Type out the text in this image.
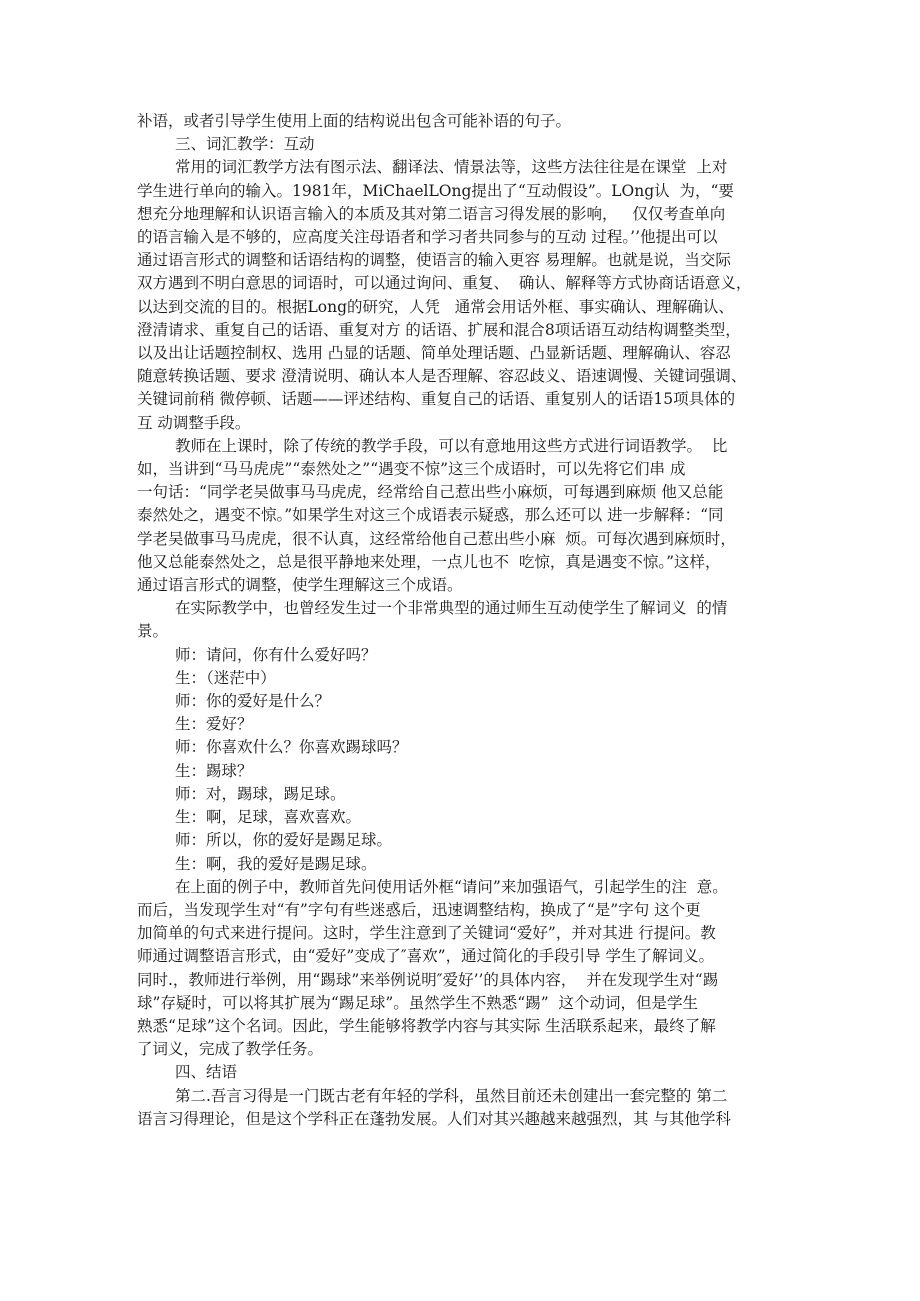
补语，或者引导学生使用上面的结构说出包含可能补语的句子。

三、词汇教学：互动

常用的词汇教学方法有图示法、翻译法、情景法等，这些方法往往是在课堂  上对

学生进行单向的输入。1981年，MiChaelLOng提出了“互动假设”。LOng认  为，“要

想充分地理解和认识语言输入的本质及其对第二语言习得发展的影响，   仅仅考查单向

的语言输入是不够的，应高度关注母语者和学习者共同参与的互动 过程。’’他提出可以

通过语言形式的调整和话语结构的调整，使语言的输入更容 易理解。也就是说，当交际

双方遇到不明白意思的词语时，可以通过询问、重复、  确认、解释等方式协商话语意义，

以达到交流的目的。根据Long的研究，人凭   通常会用话外框、事实确认、理解确认、

澄清请求、重复自己的话语、重复对方 的话语、扩展和混合8项话语互动结构调整类型，

以及出让话题控制权、选用 凸显的话题、简单处理话题、凸显新话题、理解确认、容忍

随意转换话题、要求 澄清说明、确认本人是否理解、容忍歧义、语速调慢、关键词强调、

关键词前稍 微停顿、话题——评述结构、重复自己的话语、重复别人的话语15项具体的

互 动调整手段。

教师在上课时，除了传统的教学手段，可以有意地用这些方式进行词语教学。  比

如，当讲到“马马虎虎”“泰然处之”“遇变不惊”这三个成语时，可以先将它们串 成

一句话：“同学老吴做事马马虎虎，经常给自己惹出些小麻烦，可每遇到麻烦 他又总能

泰然处之，遇变不惊。”如果学生对这三个成语表示疑惑，那么还可以 进一步解释：“同

学老吴做事马马虎虎，很不认真，这经常给他自己惹出些小麻  烦。可每次遇到麻烦时，

他又总能泰然处之，总是很平静地来处理，一点儿也不  吃惊，真是遇变不惊。”这样，

通过语言形式的调整，使学生理解这三个成语。

在实际教学中，也曾经发生过一个非常典型的通过师生互动使学生了解词义  的情

景。

师：请问，你有什么爱好吗？

生：（迷茫中）

师：你的爱好是什么？

生：爱好？

师：你喜欢什么？你喜欢踢球吗？

生：踢球？

师：对，踢球，踢足球。

生：啊，足球，喜欢喜欢。

师：所以，你的爱好是踢足球。

生：啊，我的爱好是踢足球。

在上面的例子中，教师首先问使用话外框“请问”来加强语气，引起学生的注  意。

而后，当发现学生对“有”字句有些迷惑后，迅速调整结构，换成了“是”字句 这个更

加简单的句式来进行提问。这时，学生注意到了关键词“爱好”，并对其进 行提问。教

师通过调整语言形式，由“爱好”变成了″喜欢”，通过简化的手段引导 学生了解词义。

同时.，教师进行举例，用“踢球”来举例说明″爱好’’的具体内容，  并在发现学生对“踢

球”存疑时，可以将其扩展为“踢足球”。虽然学生不熟悉“踢”  这个动词，但是学生

熟悉“足球”这个名词。因此，学生能够将教学内容与其实际 生活联系起来，最终了解

了词义，完成了教学任务。

四、结语

第二.吾言习得是一门既古老有年轻的学科，虽然目前还未创建出一套完整的 第二

语言习得理论，但是这个学科正在蓬勃发展。人们对其兴趣越来越强烈，其 与其他学科
